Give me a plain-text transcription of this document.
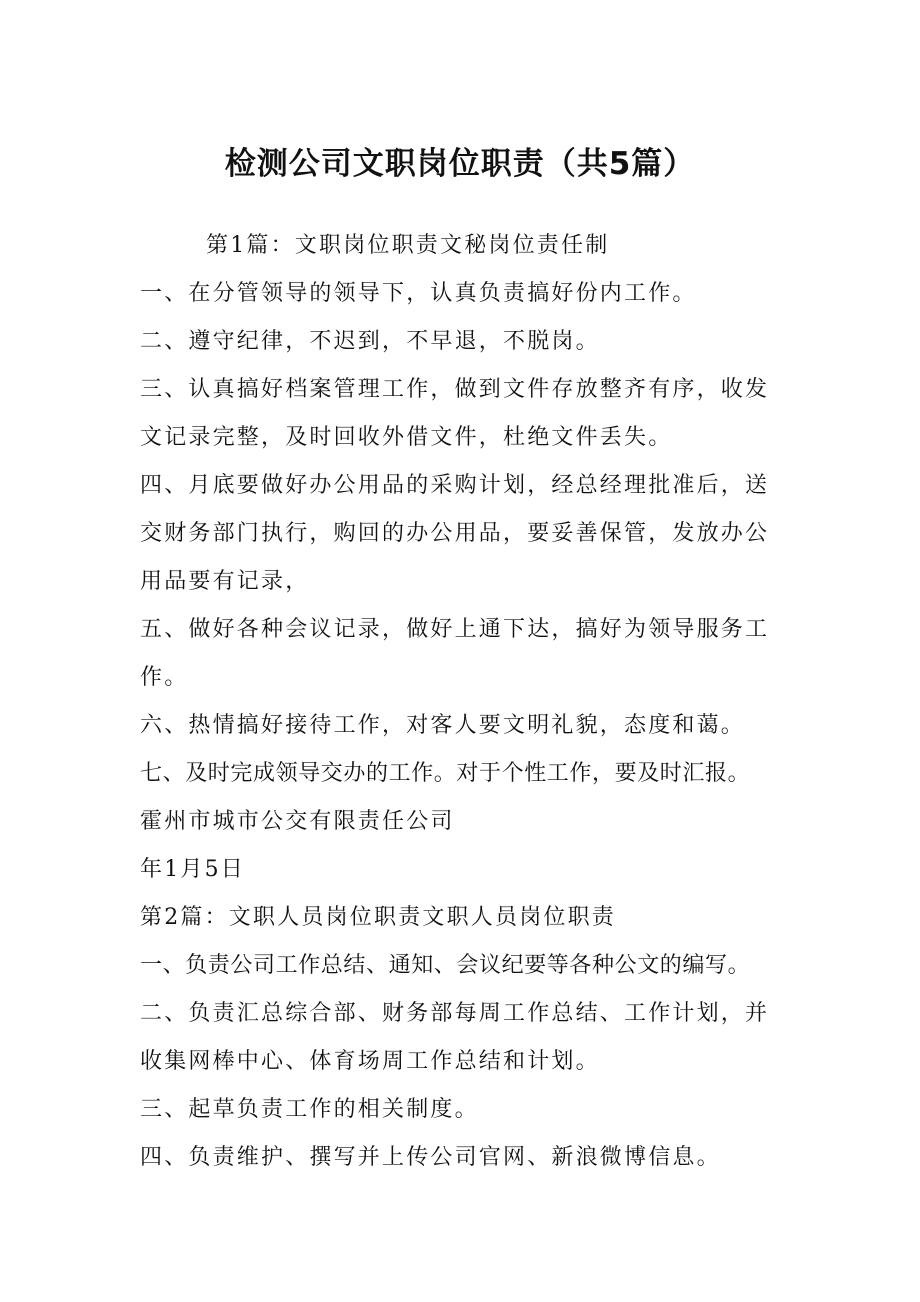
检测公司文职岗位职责（共5篇）
第1篇：文职岗位职责文秘岗位责任制
一、在分管领导的领导下，认真负责搞好份内工作。
二、遵守纪律，不迟到，不早退，不脱岗。
三、认真搞好档案管理工作，做到文件存放整齐有序，收发
文记录完整，及时回收外借文件，杜绝文件丢失。
四、月底要做好办公用品的采购计划，经总经理批准后，送
交财务部门执行，购回的办公用品，要妥善保管，发放办公
用品要有记录，
五、做好各种会议记录，做好上通下达，搞好为领导服务工
作。
六、热情搞好接待工作，对客人要文明礼貌，态度和蔼。
七、及时完成领导交办的工作。对于个性工作，要及时汇报。
霍州市城市公交有限责任公司
年1月5日
第2篇：文职人员岗位职责文职人员岗位职责
一、负责公司工作总结、通知、会议纪要等各种公文的编写。
二、负责汇总综合部、财务部每周工作总结、工作计划，并
收集网棒中心、体育场周工作总结和计划。
三、起草负责工作的相关制度。
四、负责维护、撰写并上传公司官网、新浪微博信息。
